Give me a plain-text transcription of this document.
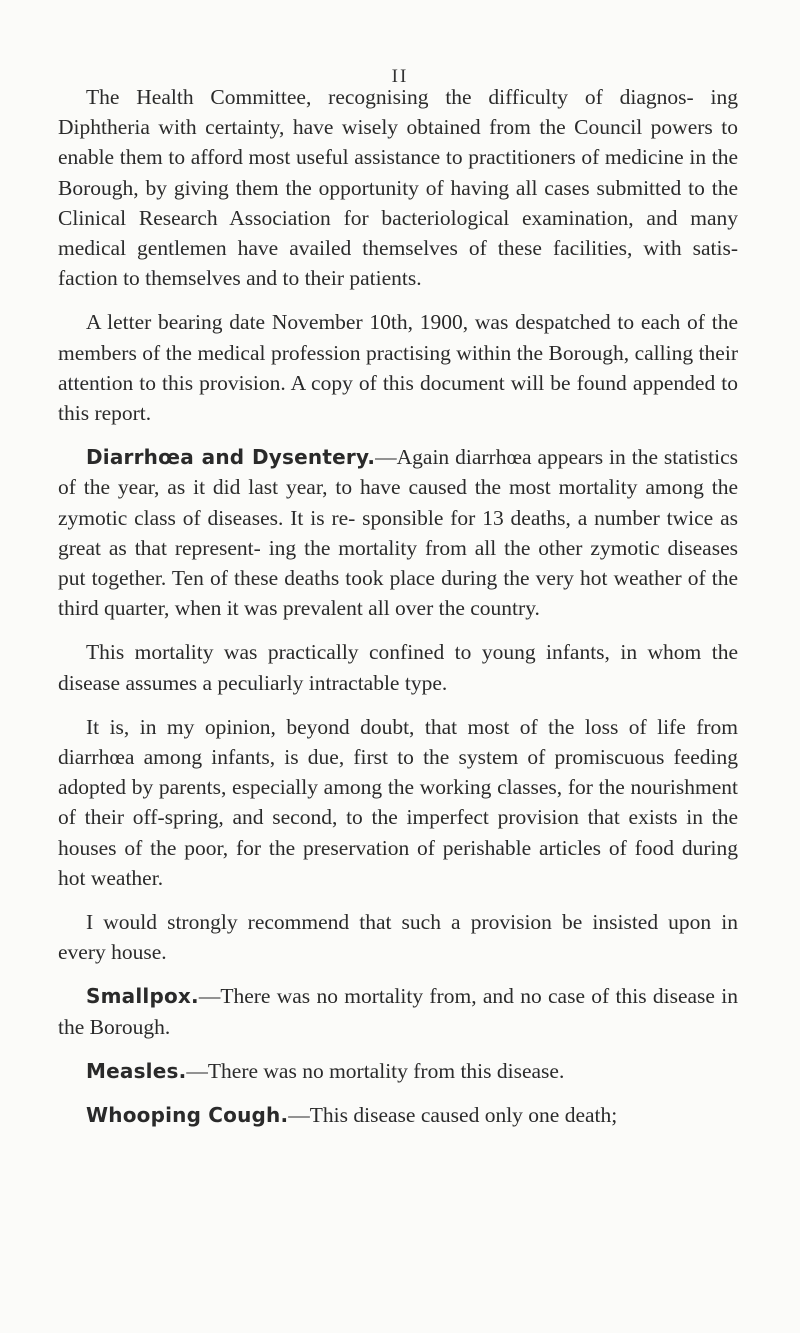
II

The Health Committee, recognising the difficulty of diagnos- ing Diphtheria with certainty, have wisely obtained from the Council powers to enable them to afford most useful assistance to practitioners of medicine in the Borough, by giving them the opportunity of having all cases submitted to the Clinical Research Association for bacteriological examination, and many medical gentlemen have availed themselves of these facilities, with satis- faction to themselves and to their patients.

A letter bearing date November 10th, 1900, was despatched to each of the members of the medical profession practising within the Borough, calling their attention to this provision. A copy of this document will be found appended to this report.

Diarrhœa and Dysentery.—Again diarrhœa appears in the statistics of the year, as it did last year, to have caused the most mortality among the zymotic class of diseases. It is re- sponsible for 13 deaths, a number twice as great as that represent- ing the mortality from all the other zymotic diseases put together. Ten of these deaths took place during the very hot weather of the third quarter, when it was prevalent all over the country.

This mortality was practically confined to young infants, in whom the disease assumes a peculiarly intractable type.

It is, in my opinion, beyond doubt, that most of the loss of life from diarrhœa among infants, is due, first to the system of promiscuous feeding adopted by parents, especially among the working classes, for the nourishment of their off-spring, and second, to the imperfect provision that exists in the houses of the poor, for the preservation of perishable articles of food during hot weather.

I would strongly recommend that such a provision be insisted upon in every house.

Smallpox.—There was no mortality from, and no case of this disease in the Borough.

Measles.—There was no mortality from this disease.

Whooping Cough.—This disease caused only one death;
